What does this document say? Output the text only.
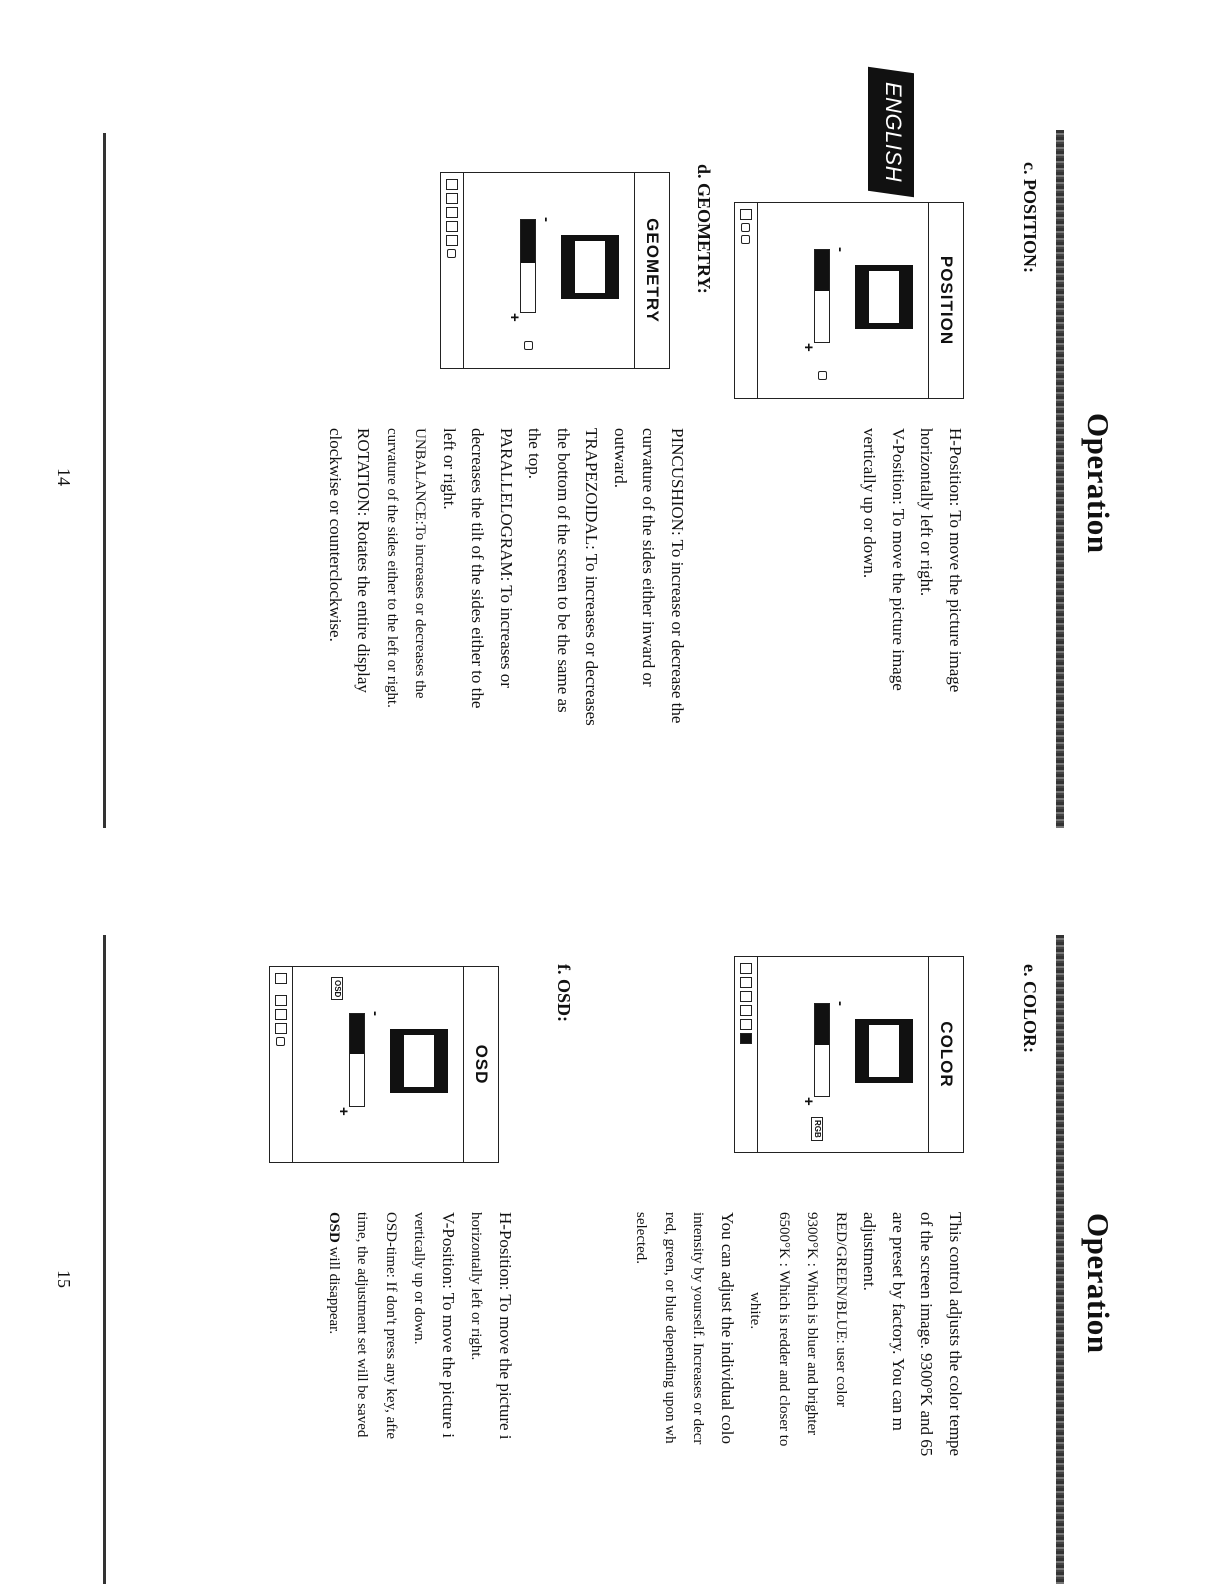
ENGLISH
Operation
14
c. POSITION:
POSITION
-
+

H-Position: To move the picture image

horizontally left or right.

V-Position: To move the picture image

vertically up or down.

d. GEOMETRY:
GEOMETRY
-
+

PINCUSHION: To increase or decrease the

curvature of the sides either inward or

outward.

TRAPEZOIDAL: To increases or decreases

the bottom of the screen to be the same as

the top.

PARALLELOGRAM: To increases or

decreases the tilt of the sides either to the

left or right.

UNBALANCE:To increases or decreases the

curvature of the sides either to the left or right.

ROTATION: Rotates the entire display

clockwise or counterclockwise.

Operation
15
e. COLOR:
COLOR
-
+
RGB

This control adjusts the color tempe

of the screen image. 9300°K and 65

are preset by factory. You can m

adjustment.

RED/GREEN/BLUE: user color

9300°K : Which is bluer and brighter

6500°K : Which is redder and closer to

white.

You can adjust the individual colo

intensity by yourself. Increases or decr

red, green, or blue depending upon wh

selected.

f. OSD:
OSD
-
+
OSD

H-Position: To move the picture i

horizontally left or right.

V-Position: To move the picture i

vertically up or down.

OSD-time: If don't press any key, afte

time, the adjustment set will be saved

OSD will disappear.
